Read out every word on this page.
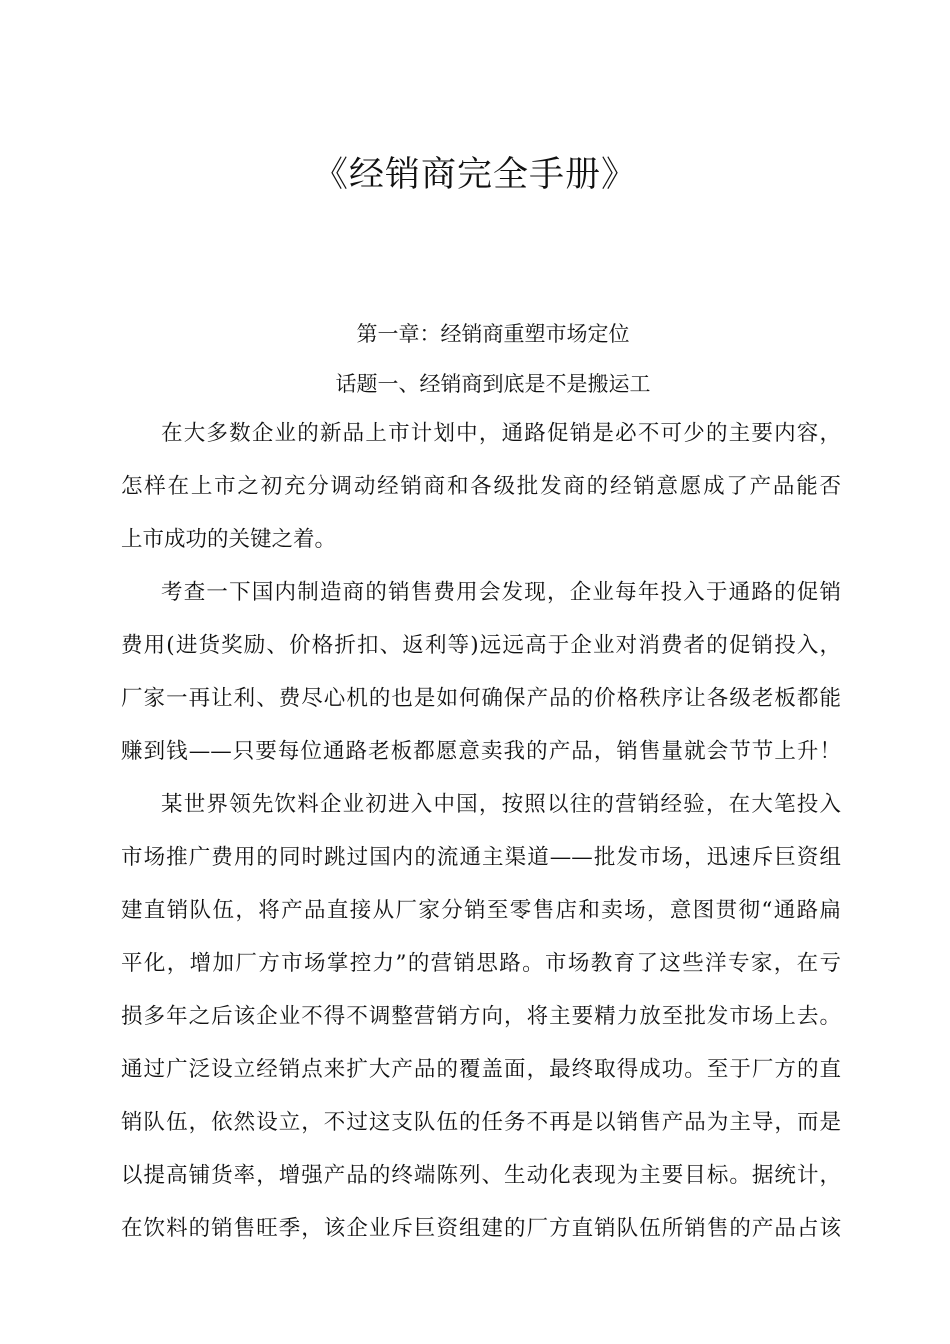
《经销商完全手册》
第一章：经销商重塑市场定位
话题一、经销商到底是不是搬运工

在大多数企业的新品上市计划中，通路促销是必不可少的主要内容，
怎样在上市之初充分调动经销商和各级批发商的经销意愿成了产品能否
上市成功的关键之着。

考查一下国内制造商的销售费用会发现，企业每年投入于通路的促销
费用(进货奖励、价格折扣、返利等)远远高于企业对消费者的促销投入，
厂家一再让利、费尽心机的也是如何确保产品的价格秩序让各级老板都能
赚到钱——只要每位通路老板都愿意卖我的产品，销售量就会节节上升！

某世界领先饮料企业初进入中国，按照以往的营销经验，在大笔投入
市场推广费用的同时跳过国内的流通主渠道——批发市场，迅速斥巨资组
建直销队伍，将产品直接从厂家分销至零售店和卖场，意图贯彻“通路扁
平化，增加厂方市场掌控力”的营销思路。市场教育了这些洋专家，在亏
损多年之后该企业不得不调整营销方向，将主要精力放至批发市场上去。
通过广泛设立经销点来扩大产品的覆盖面，最终取得成功。至于厂方的直
销队伍，依然设立，不过这支队伍的任务不再是以销售产品为主导，而是
以提高铺货率，增强产品的终端陈列、生动化表现为主要目标。据统计，
在饮料的销售旺季，该企业斥巨资组建的厂方直销队伍所销售的产品占该
